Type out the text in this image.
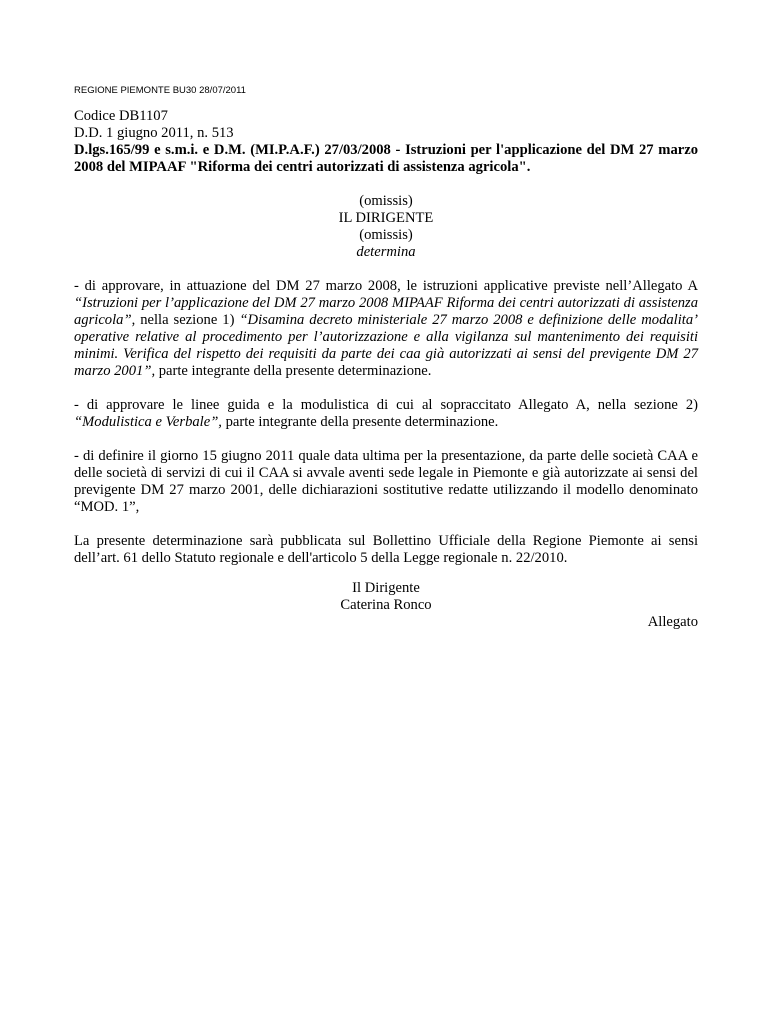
REGIONE PIEMONTE BU30 28/07/2011
Codice DB1107
D.D. 1 giugno 2011, n. 513
D.lgs.165/99 e s.m.i. e D.M. (MI.P.A.F.) 27/03/2008 - Istruzioni per l'applicazione del DM 27 marzo 2008 del MIPAAF "Riforma dei centri autorizzati di assistenza agricola".
(omissis)
IL DIRIGENTE
(omissis)
determina

- di approvare, in attuazione del DM 27 marzo 2008, le istruzioni applicative previste nell’Allegato A “Istruzioni per l’applicazione del DM 27 marzo 2008 MIPAAF Riforma dei centri autorizzati di assistenza agricola”, nella sezione 1) “Disamina decreto ministeriale 27 marzo 2008 e definizione delle modalita’ operative relative al procedimento per l’autorizzazione e alla vigilanza sul mantenimento dei requisiti minimi. Verifica del rispetto dei requisiti da parte dei caa già autorizzati ai sensi del previgente DM 27 marzo 2001”, parte integrante della presente determinazione.

- di approvare le linee guida e la modulistica di cui al sopraccitato Allegato A, nella sezione 2) “Modulistica e Verbale”, parte integrante della presente determinazione.

- di definire il giorno 15 giugno 2011 quale data ultima per la presentazione, da parte delle società CAA e delle società di servizi di cui il CAA si avvale aventi sede legale in Piemonte e già autorizzate ai sensi del previgente DM 27 marzo 2001, delle dichiarazioni sostitutive redatte utilizzando il modello denominato “MOD. 1”,

La presente determinazione sarà pubblicata sul Bollettino Ufficiale della Regione Piemonte ai sensi dell’art. 61 dello Statuto regionale e dell'articolo 5 della Legge regionale n. 22/2010.

Il Dirigente
Caterina Ronco
Allegato
